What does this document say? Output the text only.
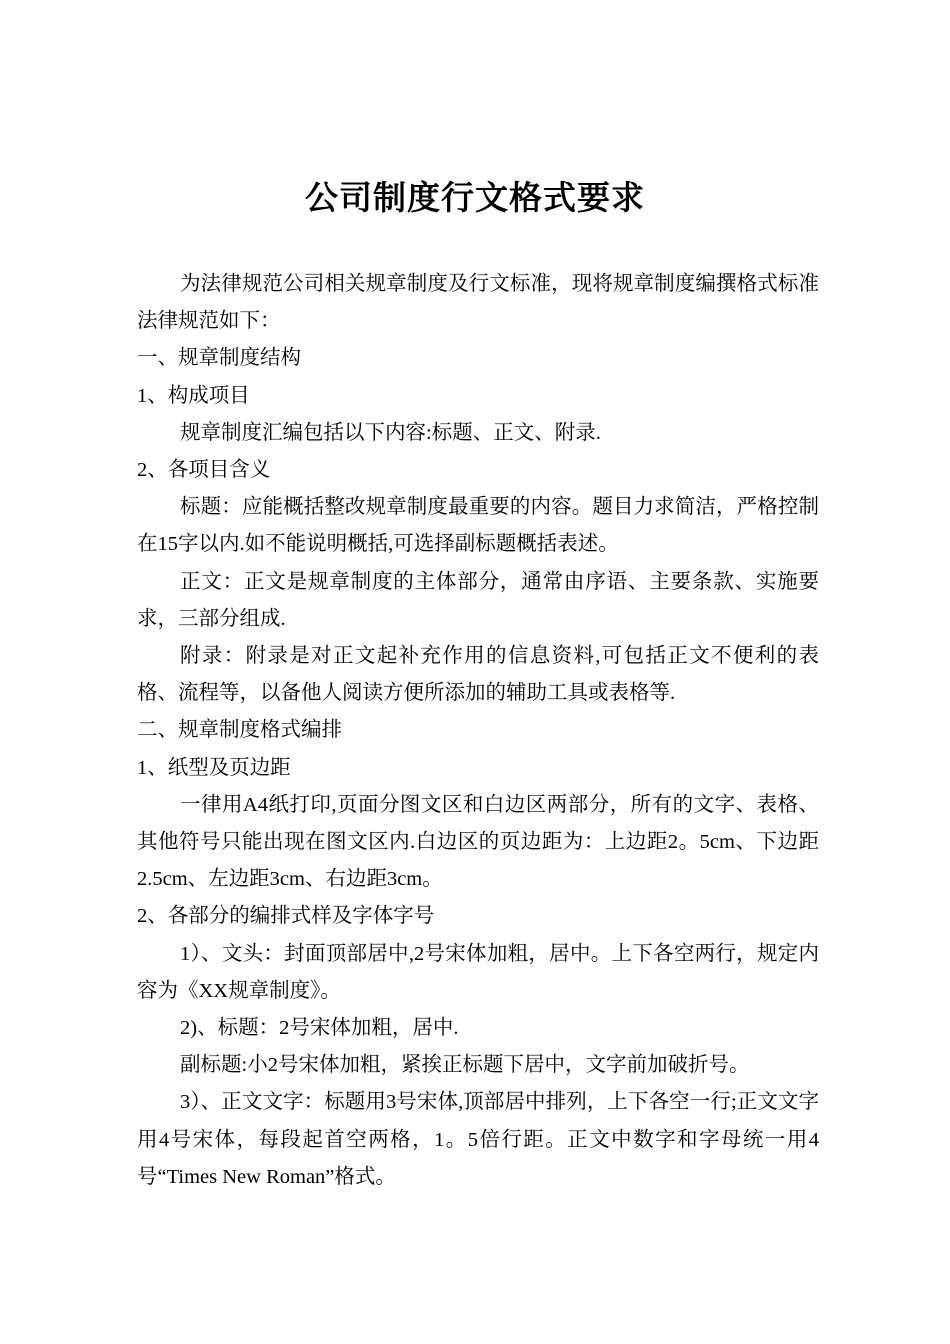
公司制度行文格式要求

为法律规范公司相关规章制度及行文标准，现将规章制度编撰格式标准法律规范如下：

一、规章制度结构

1、构成项目

规章制度汇编包括以下内容:标题、正文、附录.

2、各项目含义

标题：应能概括整改规章制度最重要的内容。题目力求简洁，严格控制在15字以内.如不能说明概括,可选择副标题概括表述。

正文：正文是规章制度的主体部分，通常由序语、主要条款、实施要求，三部分组成.

附录：附录是对正文起补充作用的信息资料,可包括正文不便利的表格、流程等，以备他人阅读方便所添加的辅助工具或表格等.

二、规章制度格式编排

1、纸型及页边距

一律用A4纸打印,页面分图文区和白边区两部分，所有的文字、表格、其他符号只能出现在图文区内.白边区的页边距为：上边距2。5cm、下边距2.5cm、左边距3cm、右边距3cm。

2、各部分的编排式样及字体字号

1）、文头：封面顶部居中,2号宋体加粗，居中。上下各空两行，规定内容为《XX规章制度》。

2)、标题：2号宋体加粗，居中.

副标题:小2号宋体加粗，紧挨正标题下居中，文字前加破折号。

3）、正文文字：标题用3号宋体,顶部居中排列，上下各空一行;正文文字用4号宋体，每段起首空两格，1。5倍行距。正文中数字和字母统一用4号“Times New Roman”格式。
